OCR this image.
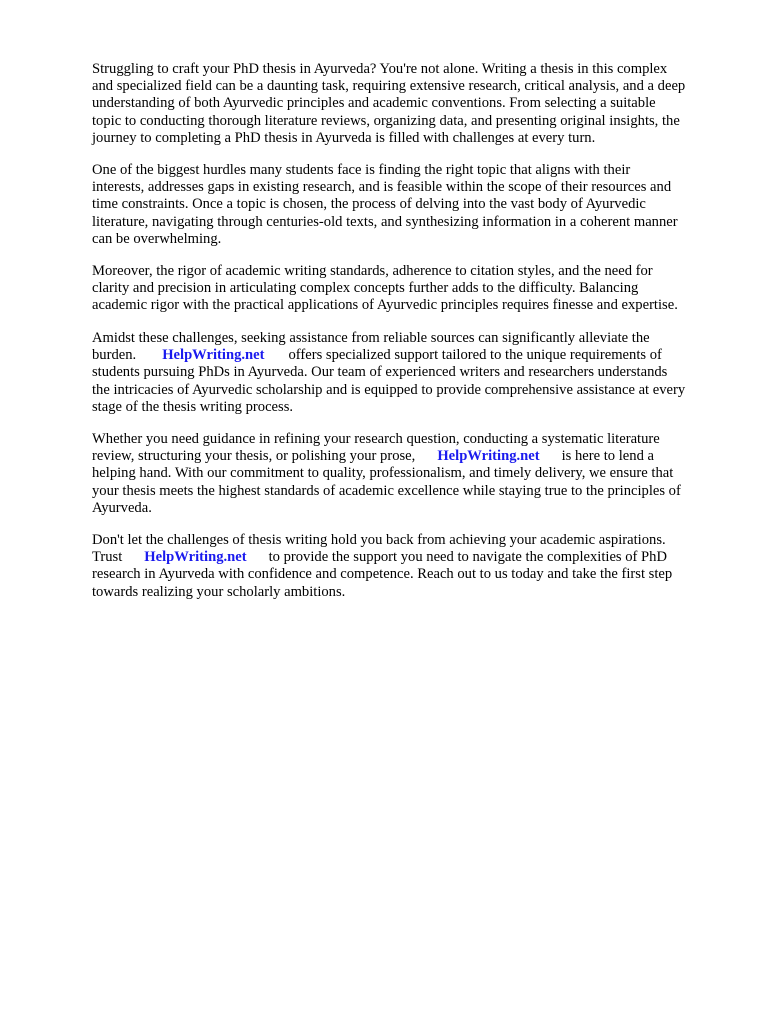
Struggling to craft your PhD thesis in Ayurveda? You're not alone. Writing a thesis in this complex
and specialized field can be a daunting task, requiring extensive research, critical analysis, and a deep
understanding of both Ayurvedic principles and academic conventions. From selecting a suitable
topic to conducting thorough literature reviews, organizing data, and presenting original insights, the
journey to completing a PhD thesis in Ayurveda is filled with challenges at every turn.

One of the biggest hurdles many students face is finding the right topic that aligns with their
interests, addresses gaps in existing research, and is feasible within the scope of their resources and
time constraints. Once a topic is chosen, the process of delving into the vast body of Ayurvedic
literature, navigating through centuries-old texts, and synthesizing information in a coherent manner
can be overwhelming.

Moreover, the rigor of academic writing standards, adherence to citation styles, and the need for
clarity and precision in articulating complex concepts further adds to the difficulty. Balancing
academic rigor with the practical applications of Ayurvedic principles requires finesse and expertise.

Amidst these challenges, seeking assistance from reliable sources can significantly alleviate the
burden. HelpWriting.net offers specialized support tailored to the unique requirements of
students pursuing PhDs in Ayurveda. Our team of experienced writers and researchers understands
the intricacies of Ayurvedic scholarship and is equipped to provide comprehensive assistance at every
stage of the thesis writing process.

Whether you need guidance in refining your research question, conducting a systematic literature
review, structuring your thesis, or polishing your prose, HelpWriting.net is here to lend a
helping hand. With our commitment to quality, professionalism, and timely delivery, we ensure that
your thesis meets the highest standards of academic excellence while staying true to the principles of
Ayurveda.

Don't let the challenges of thesis writing hold you back from achieving your academic aspirations.
Trust HelpWriting.net to provide the support you need to navigate the complexities of PhD
research in Ayurveda with confidence and competence. Reach out to us today and take the first step
towards realizing your scholarly ambitions.
